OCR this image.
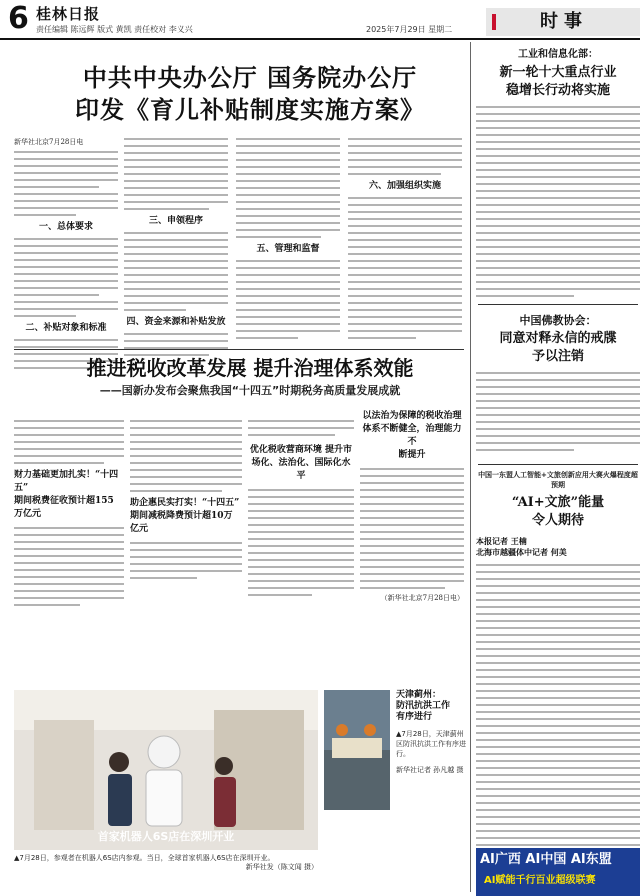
6 桂林日报
责任编辑 陈远辉 版式 黄凯 责任校对 李义兴	2025年7月29日 星期二	时事
中共中央办公厅 国务院办公厅
印发《育儿补贴制度实施方案》
新华社北京7月28日电
一、总体要求
二、补贴对象和标准
三、申领程序
四、资金来源和补贴发放
五、管理和监督
六、加强组织实施
推进税收改革发展 提升治理体系效能
——国新办发布会聚焦我国“十四五”时期税务高质量发展成就
财力基础更加扎实！“十四五”
期间税费征收预计超155
万亿元
助企惠民实打实！“十四五”
期间减税降费预计超10万
亿元
优化税收营商环境 提升市
场化、法治化、国际化水平
以法治为保障的税收治理
体系不断健全，治理能力不
断提升
（新华社北京7月28日电）
首家机器人6S店在深圳开业
▲7月28日，参观者在机器人6S店内参观。当日，全球首家机器人6S店在深圳开业。
新华社发（陈文闻 摄）
天津蓟州：
防汛抗洪工作
有序进行
▲7月28日，天津蓟州区防汛抗洪工作有序进行。
新华社记者 孙凡越 摄
工业和信息化部：
新一轮十大重点行业
稳增长行动将实施
中国佛教协会：
同意对释永信的戒牒
予以注销
中国一东盟人工智能+文旅创新应用大赛火爆程度超预期
“AI+文旅”能量
令人期待
本报记者 王楠
北海市越疆体中记者 何美
AI广西 AI中国 AI东盟
AI赋能千行百业超级联赛
